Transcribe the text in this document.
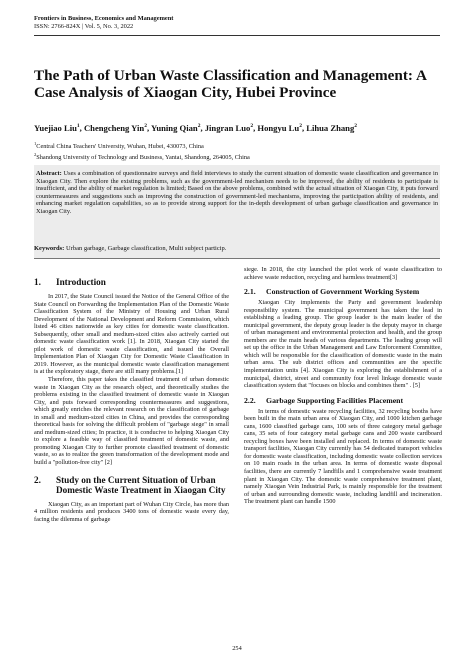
Frontiers in Business, Economics and Management
ISSN: 2766-824X | Vol. 5, No. 3, 2022
The Path of Urban Waste Classification and Management: A Case Analysis of Xiaogan City, Hubei Province
Yuejiao Liu$^1$, Chengcheng Yin$^2$, Yuning Qian$^2$, Jingran Luo$^2$, Hongyu Lu$^2$, Lihua Zhang$^2$
$^1$Central China Teachers' University, Wuhan, Hubei, 430073, China
$^2$Shandong University of Technology and Business, Yantai, Shandong, 264005, China
Abstract: Uses a combination of questionnaire surveys and field interviews to study the current situation of domestic waste classification and governance in Xiaogan City. Then explore the existing problems, such as the government-led mechanism needs to be improved, the ability of residents to participate is insufficient, and the ability of market regulation is limited; Based on the above problems, combined with the actual situation of Xiaogan City, it puts forward countermeasures and suggestions such as improving the construction of government-led mechanisms, improving the participation ability of residents, and enhancing market regulation capabilities, so as to provide strong support for the in-depth development of urban garbage classification and governance in Xiaogan City.
Keywords: Urban garbage, Garbage classification, Multi subject particip.
1.	Introduction

In 2017, the State Council issued the Notice of the General Office of the State Council on Forwarding the Implementation Plan of the Domestic Waste Classification System of the Ministry of Housing and Urban Rural Development of the National Development and Reform Commission, which listed 46 cities nationwide as key cities for domestic waste classification. Subsequently, other small and medium-sized cities also actively carried out domestic waste classification work [1]. In 2018, Xiaogan City started the pilot work of domestic waste classification, and issued the Overall Implementation Plan of Xiaogan City for Domestic Waste Classification in 2019. However, as the municipal domestic waste classification management is at the exploratory stage, there are still many problems.[1]

Therefore, this paper takes the classified treatment of urban domestic waste in Xiaogan City as the research object, and theoretically studies the problems existing in the classified treatment of domestic waste in Xiaogan City, and puts forward corresponding countermeasures and suggestions, which greatly enriches the relevant research on the classification of garbage in small and medium-sized cities in China, and provides the corresponding theoretical basis for solving the difficult problem of "garbage siege" in small and medium-sized cities; In practice, it is conducive to helping Xiaogan City to explore a feasible way of classified treatment of domestic waste, and promoting Xiaogan City to further promote classified treatment of domestic waste, so as to realize the green transformation of the development mode and build a "pollution-free city" [2]

2.	Study on the Current Situation of Urban Domestic Waste Treatment in Xiaogan City

Xiaogan City, as an important part of Wuhan City Circle, has more than 4 million residents and produces 3400 tons of domestic waste every day, facing the dilemma of garbage

siege. In 2018, the city launched the pilot work of waste classification to achieve waste reduction, recycling and harmless treatment[3]

2.1.	Construction of Government Working System

Xiaogan City implements the Party and government leadership responsibility system. The municipal government has taken the lead in establishing a leading group. The group leader is the main leader of the municipal government, the deputy group leader is the deputy mayor in charge of urban management and environmental protection and health, and the group members are the main heads of various departments. The leading group will set up the office in the Urban Management and Law Enforcement Committee, which will be responsible for the classification of domestic waste in the main urban area. The sub district offices and communities are the specific implementation units [4]. Xiaogan City is exploring the establishment of a municipal, district, street and community four level linkage domestic waste classification system that "focuses on blocks and combines them" . [5]

2.2.	Garbage Supporting Facilities Placement

In terms of domestic waste recycling facilities, 32 recycling booths have been built in the main urban area of Xiaogan City, and 1000 kitchen garbage cans, 1600 classified garbage cans, 100 sets of three category metal garbage cans, 35 sets of four category metal garbage cans and 200 waste cardboard recycling boxes have been installed and replaced. In terms of domestic waste transport facilities, Xiaogan City currently has 54 dedicated transport vehicles for domestic waste classification, including domestic waste collection services on 10 main roads in the urban area. In terms of domestic waste disposal facilities, there are currently 7 landfills and 1 comprehensive waste treatment plant in Xiaogan City. The domestic waste comprehensive treatment plant, namely Xiaogan Vein Industrial Park, is mainly responsible for the treatment of urban and surrounding domestic waste, including landfill and incineration. The treatment plant can handle 1500

254
